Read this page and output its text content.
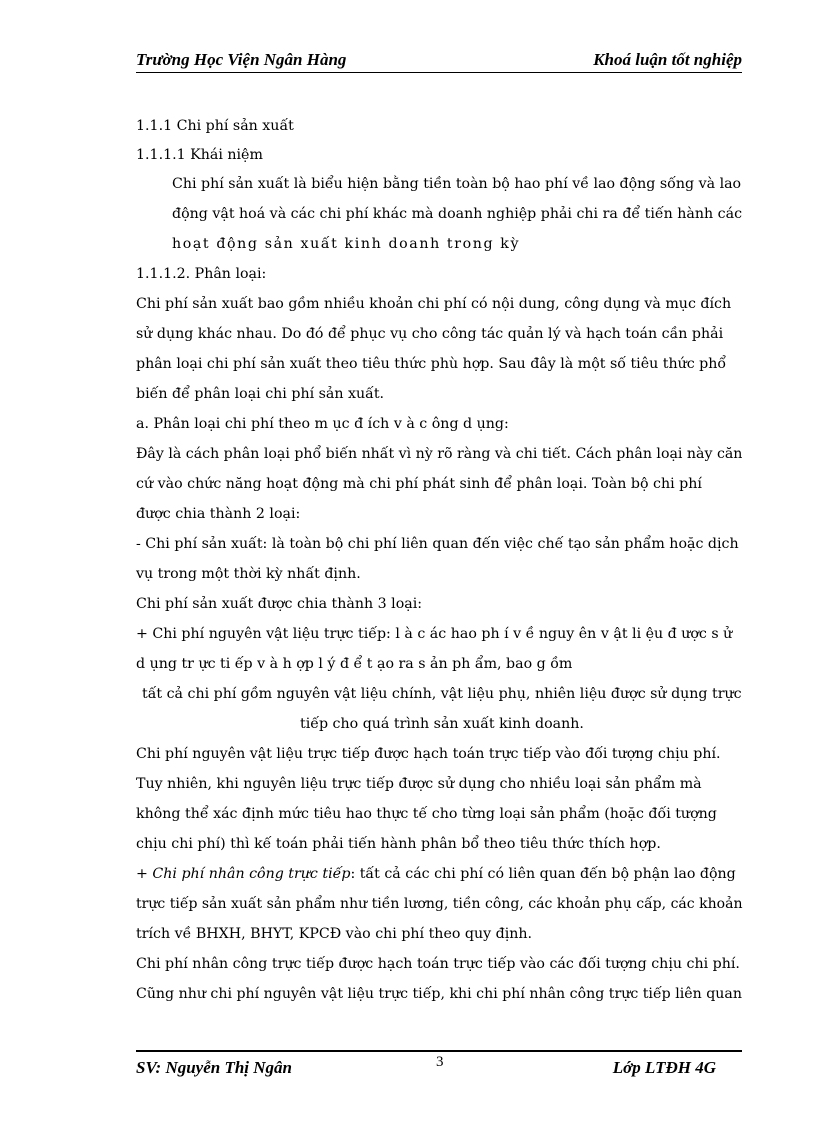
Trường Học Viện Ngân Hàng	Khoá luận tốt nghiệp
1.1.1 Chi phí sản xuất
1.1.1.1 Khái niệm
Chi phí sản xuất là biểu hiện bằng tiền toàn bộ hao phí về lao động sống và lao
động vật hoá và các chi phí khác mà doanh nghiệp phải chi ra để tiến hành các
hoạt động sản xuất kinh doanh trong kỳ
1.1.1.2. Phân loại:
Chi phí sản xuất bao gồm nhiều khoản chi phí có nội dung, công dụng và mục đích
sử dụng khác nhau. Do đó để phục vụ cho công tác quản lý và hạch toán cần phải
phân loại chi phí sản xuất theo tiêu thức phù hợp. Sau đây là một số tiêu thức phổ
biến để phân loại chi phí sản xuất.
a. Phân loại chi phí theo m ục đ ích v à c ông d ụng:
Đây là cách phân loại phổ biến nhất vì nỳ rõ ràng và chi tiết. Cách phân loại này căn
cứ vào chức năng hoạt động mà chi phí phát sinh để phân loại. Toàn bộ chi phí
được chia thành 2 loại:
- Chi phí sản xuất: là toàn bộ chi phí liên quan đến việc chế tạo sản phẩm hoặc dịch
vụ trong một thời kỳ nhất định.
Chi phí sản xuất được chia thành 3 loại:
+ Chi phí nguyên vật liệu trực tiếp: l à c ác hao ph í v ề nguy ên v ật li ệu đ ược s ử
d ụng tr ực ti ếp v à h ợp l ý đ ể t ạo ra s ản ph ẩm, bao g ồm
tất cả chi phí gồm nguyên vật liệu chính, vật liệu phụ, nhiên liệu được sử dụng trực
tiếp cho quá trình sản xuất kinh doanh.
Chi phí nguyên vật liệu trực tiếp được hạch toán trực tiếp vào đối tượng chịu phí.
Tuy nhiên, khi nguyên liệu trực tiếp được sử dụng cho nhiều loại sản phẩm mà
không thể xác định mức tiêu hao thực tế cho từng loại sản phẩm (hoặc đối tượng
chịu chi phí) thì kế toán phải tiến hành phân bổ theo tiêu thức thích hợp.
+ Chi phí nhân công trực tiếp: tất cả các chi phí có liên quan đến bộ phận lao động
trực tiếp sản xuất sản phẩm như tiền lương, tiền công, các khoản phụ cấp, các khoản
trích về BHXH, BHYT, KPCĐ vào chi phí theo quy định.
Chi phí nhân công trực tiếp được hạch toán trực tiếp vào các đối tượng chịu chi phí.
Cũng như chi phí nguyên vật liệu trực tiếp, khi chi phí nhân công trực tiếp liên quan
SV: Nguyễn Thị Ngân	3	Lớp LTĐH 4G
